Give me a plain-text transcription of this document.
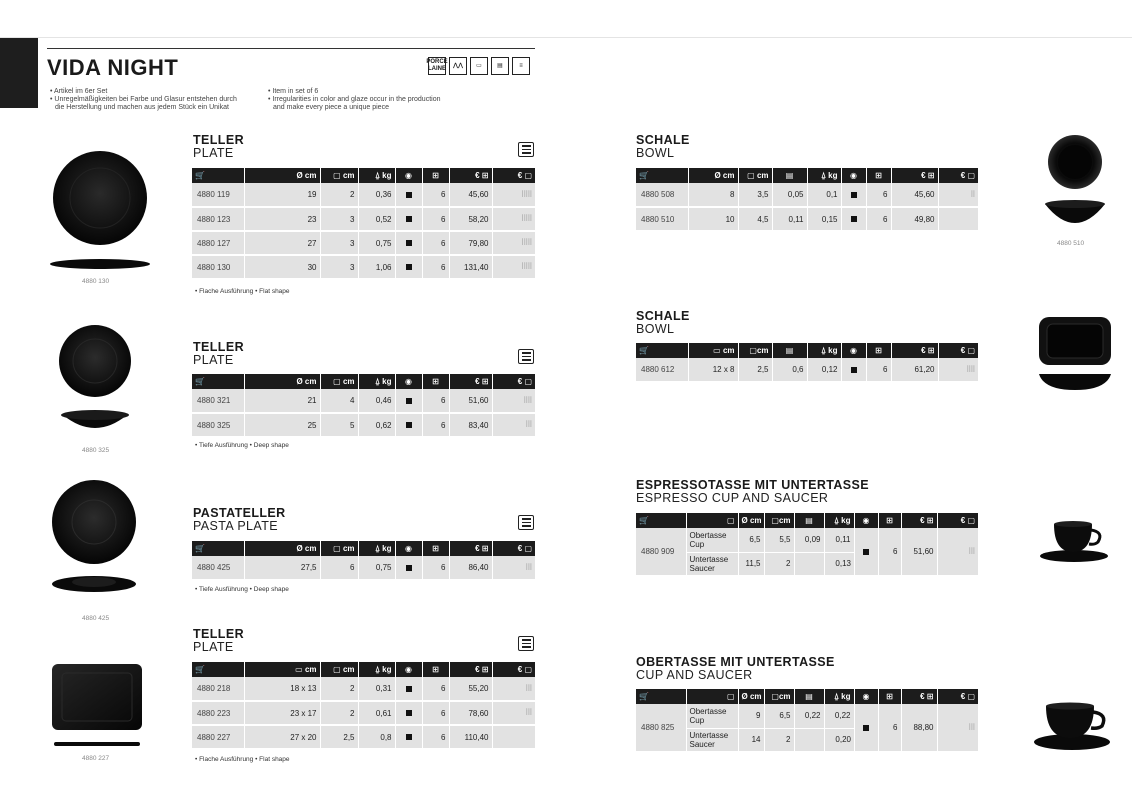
VIDA NIGHT	PORCE LAINE
⋀⋀	▭	▤	≡
• Artikel im 6er Set
• Unregelmäßigkeiten bei Farbe und Glasur entstehen durch
die Herstellung und machen aus jedem Stück ein Unikat
• Item in set of 6
• Irregularities in color and glaze occur in the production
and make every piece a unique piece
4880 130
TELLER
PLATE
🛒	Ø cm	▢ cm	⍙ kg	◉	⊞	€ ⊞	€ ▢
4880 119	19	2	0,36		6	45,60	ꟾꟾꟾꟾꟾ
4880 123	23	3	0,52		6	58,20	ꟾꟾꟾꟾꟾ
4880 127	27	3	0,75		6	79,80	ꟾꟾꟾꟾꟾ
4880 130	30	3	1,06		6	131,40	ꟾꟾꟾꟾꟾ
• Flache Ausführung • Flat shape
4880 325
TELLER
PLATE
🛒	Ø cm	▢ cm	⍙ kg	◉	⊞	€ ⊞	€ ▢
4880 321	21	4	0,46		6	51,60	ꟾꟾꟾꟾ
4880 325	25	5	0,62		6	83,40	ꟾꟾꟾ
• Tiefe Ausführung • Deep shape
4880 425
PASTATELLER
PASTA PLATE
🛒	Ø cm	▢ cm	⍙ kg	◉	⊞	€ ⊞	€ ▢
4880 425	27,5	6	0,75		6	86,40	ꟾꟾꟾ
• Tiefe Ausführung • Deep shape
4880 227
TELLER
PLATE
🛒	▭ cm	▢ cm	⍙ kg	◉	⊞	€ ⊞	€ ▢
4880 218	18 x 13	2	0,31		6	55,20	ꟾꟾꟾ
4880 223	23 x 17	2	0,61		6	78,60	ꟾꟾꟾ
4880 227	27 x 20	2,5	0,8		6	110,40	
• Flache Ausführung • Flat shape
SCHALE
BOWL
🛒	Ø cm	▢ cm	▤	⍙ kg	◉	⊞	€ ⊞	€ ▢
4880 508	8	3,5	0,05	0,1		6	45,60	ꟾꟾ
4880 510	10	4,5	0,11	0,15		6	49,80	
4880 510
SCHALE
BOWL
🛒	▭ cm	▢cm	▤	⍙ kg	◉	⊞	€ ⊞	€ ▢
4880 612	12 x 8	2,5	0,6	0,12		6	61,20	ꟾꟾꟾꟾ
ESPRESSOTASSE MIT UNTERTASSE
ESPRESSO CUP AND SAUCER
🛒	▢	Ø cm	▢cm	▤	⍙ kg	◉	⊞	€ ⊞	€ ▢
4880 909	Obertasse Cup	6,5	5,5	0,09	0,11		6	51,60	ꟾꟾꟾ
	Untertasse Saucer	11,5	2		0,13				
OBERTASSE MIT UNTERTASSE
CUP AND SAUCER
🛒	▢	Ø cm	▢cm	▤	⍙ kg	◉	⊞	€ ⊞	€ ▢
4880 825	Obertasse Cup	9	6,5	0,22	0,22		6	88,80	ꟾꟾꟾ
	Untertasse Saucer	14	2		0,20				
